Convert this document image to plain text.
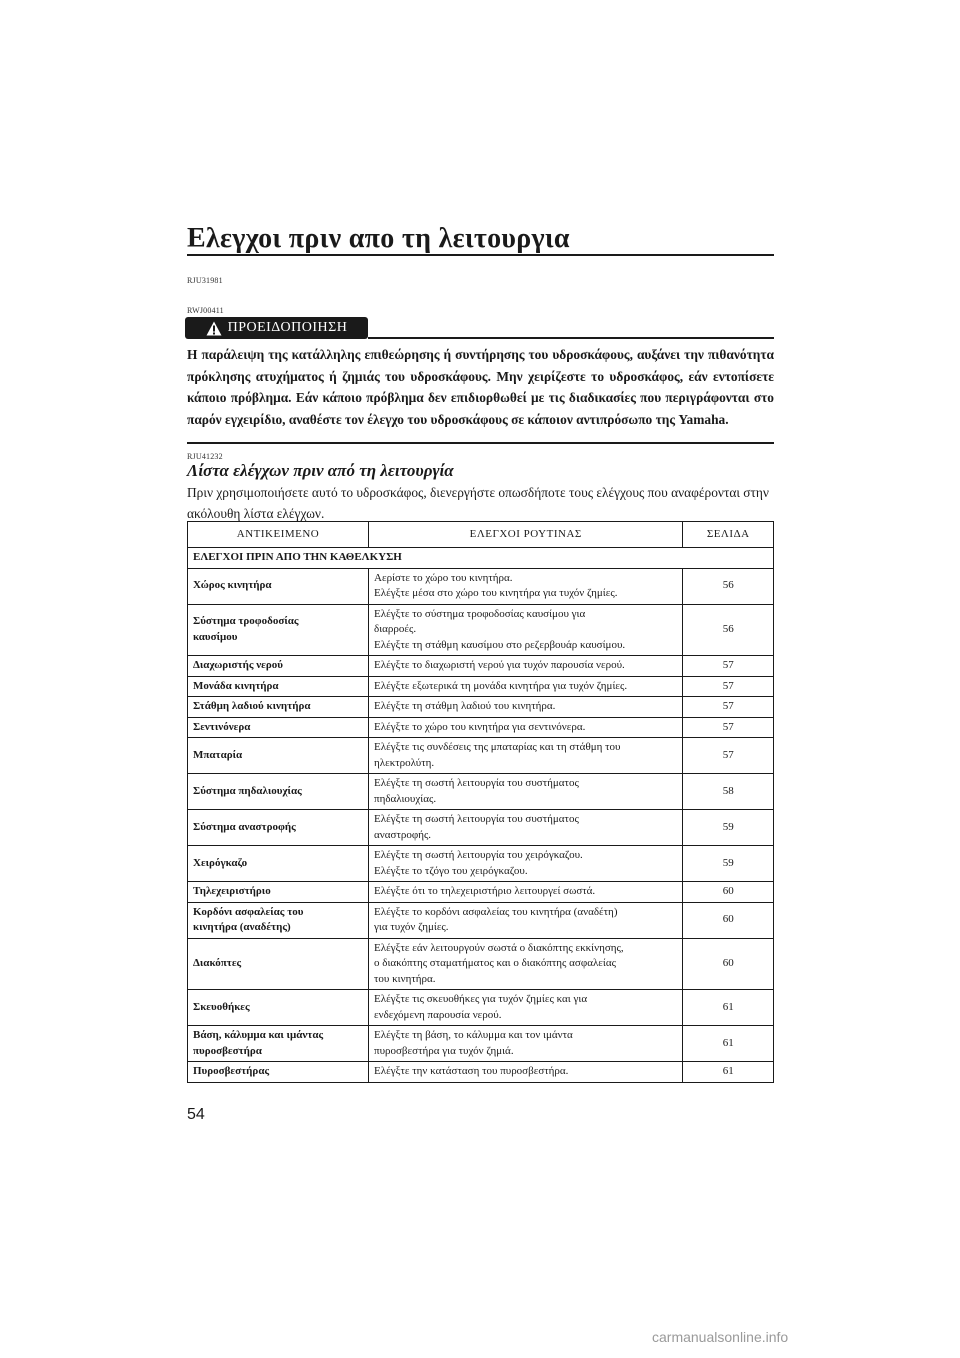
Ελεγχοι πριν απο τη λειτουργια
RJU31981
RWJ00411
ΠΡΟΕΙΔΟΠΟΙΗΣΗ

Η παράλειψη της κατάλληλης επιθεώρησης ή συντήρησης του υδροσκάφους, αυξάνει την πιθανότητα πρόκλησης ατυχήματος ή ζημιάς του υδροσκάφους. Μην χειρίζεστε το υδροσκάφος, εάν εντοπίσετε κάποιο πρόβλημα. Εάν κάποιο πρόβλημα δεν επιδιορθωθεί με τις διαδικασίες που περιγράφονται στο παρόν εγχειρίδιο, αναθέστε τον έλεγχο του υδροσκάφους σε κάποιον αντιπρόσωπο της Yamaha.

RJU41232
Λίστα ελέγχων πριν από τη λειτουργία

Πριν χρησιμοποιήσετε αυτό το υδροσκάφος, διενεργήστε οπωσδήποτε τους ελέγχους που αναφέρονται στην ακόλουθη λίστα ελέγχων.

ΑΝΤΙΚΕΙΜΕΝΟ	ΕΛΕΓΧΟΙ ΡΟΥΤΙΝΑΣ	ΣΕΛΙΔΑ
ΕΛΕΓΧΟΙ ΠΡΙΝ ΑΠΟ ΤΗΝ ΚΑΘΕΛΚΥΣΗ		
Χώρος κινητήρα	Αερίστε το χώρο του κινητήρα.
Ελέγξτε μέσα στο χώρο του κινητήρα για τυχόν ζημίες.	56
Σύστημα τροφοδοσίας
καυσίμου	Ελέγξτε το σύστημα τροφοδοσίας καυσίμου για
διαρροές.
Ελέγξτε τη στάθμη καυσίμου στο ρεζερβουάρ καυσίμου.	56
Διαχωριστής νερού	Ελέγξτε το διαχωριστή νερού για τυχόν παρουσία νερού.	57
Μονάδα κινητήρα	Ελέγξτε εξωτερικά τη μονάδα κινητήρα για τυχόν ζημίες.	57
Στάθμη λαδιού κινητήρα	Ελέγξτε τη στάθμη λαδιού του κινητήρα.	57
Σεντινόνερα	Ελέγξτε το χώρο του κινητήρα για σεντινόνερα.	57
Μπαταρία	Ελέγξτε τις συνδέσεις της μπαταρίας και τη στάθμη του
ηλεκτρολύτη.	57
Σύστημα πηδαλιουχίας	Ελέγξτε τη σωστή λειτουργία του συστήματος
πηδαλιουχίας.	58
Σύστημα αναστροφής	Ελέγξτε τη σωστή λειτουργία του συστήματος
αναστροφής.	59
Χειρόγκαζο	Ελέγξτε τη σωστή λειτουργία του χειρόγκαζου.
Ελέγξτε το τζόγο του χειρόγκαζου.	59
Τηλεχειριστήριο	Ελέγξτε ότι το τηλεχειριστήριο λειτουργεί σωστά.	60
Κορδόνι ασφαλείας του
κινητήρα (αναδέτης)	Ελέγξτε το κορδόνι ασφαλείας του κινητήρα (αναδέτη)
για τυχόν ζημίες.	60
Διακόπτες	Ελέγξτε εάν λειτουργούν σωστά ο διακόπτης εκκίνησης,
ο διακόπτης σταματήματος και ο διακόπτης ασφαλείας
του κινητήρα.	60
Σκευοθήκες	Ελέγξτε τις σκευοθήκες για τυχόν ζημίες και για
ενδεχόμενη παρουσία νερού.	61
Βάση, κάλυμμα και ιμάντας
πυροσβεστήρα	Ελέγξτε τη βάση, το κάλυμμα και τον ιμάντα
πυροσβεστήρα για τυχόν ζημιά.	61
Πυροσβεστήρας	Ελέγξτε την κατάσταση του πυροσβεστήρα.	61

54

carmanualsonline.info
